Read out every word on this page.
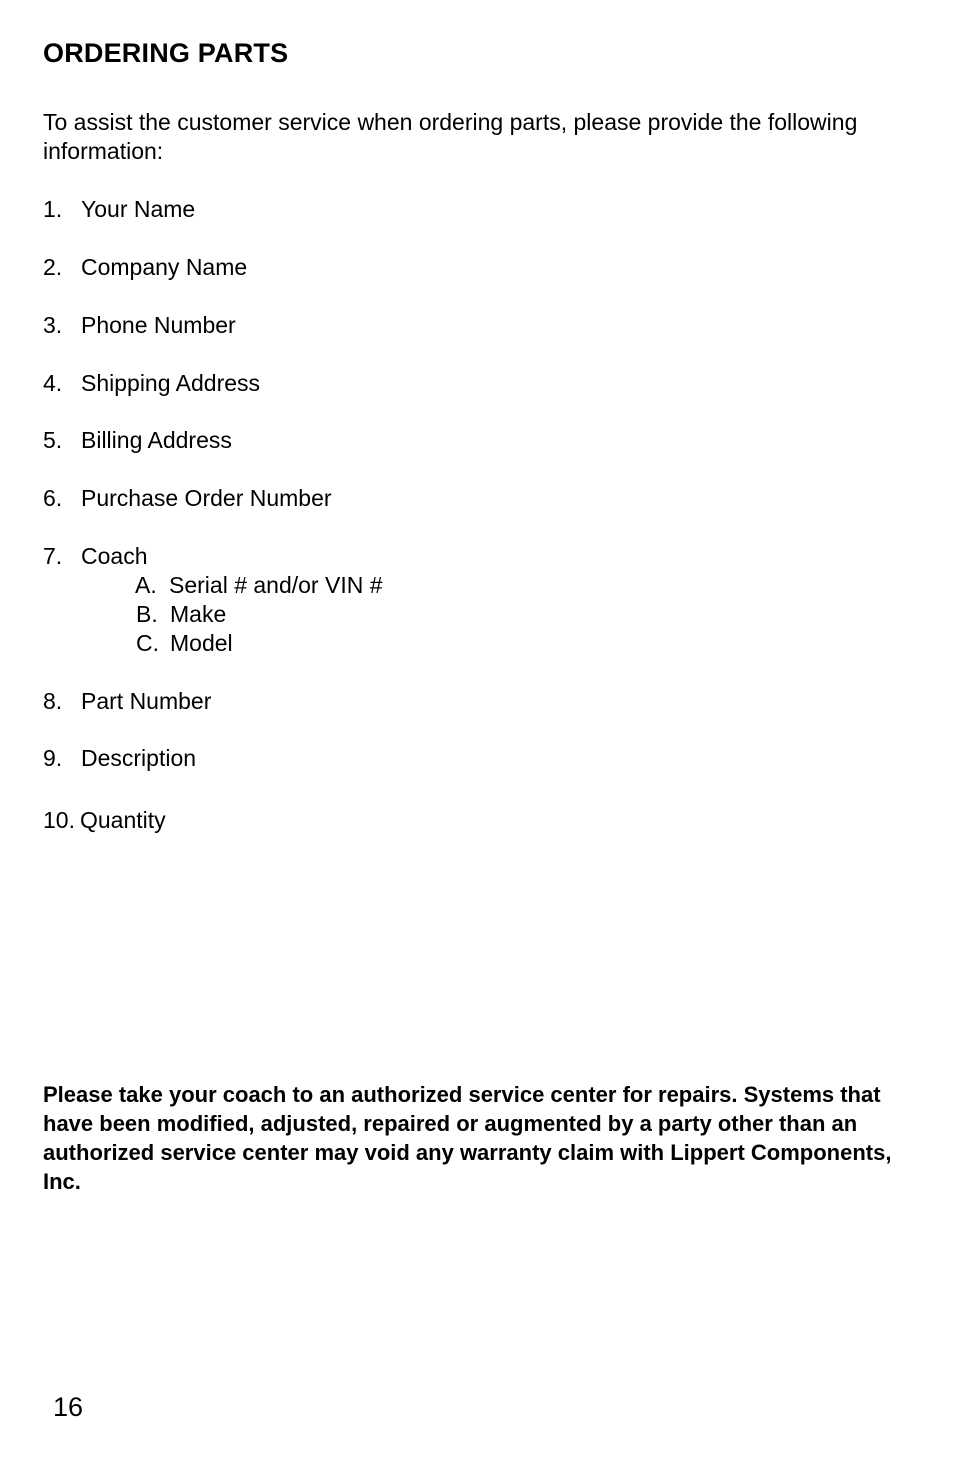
ORDERING PARTS

To assist the customer service when ordering parts, please provide the following information:

1. Your Name
2. Company Name
3. Phone Number
4. Shipping Address
5. Billing Address
6. Purchase Order Number
7. Coach
A. Serial # and/or VIN #
B. Make
C. Model
8. Part Number
9. Description
10. Quantity

Please take your coach to an authorized service center for repairs. Systems that have been modified, adjusted, repaired or augmented by a party other than an authorized service center may void any warranty claim with Lippert Components, Inc.

16
